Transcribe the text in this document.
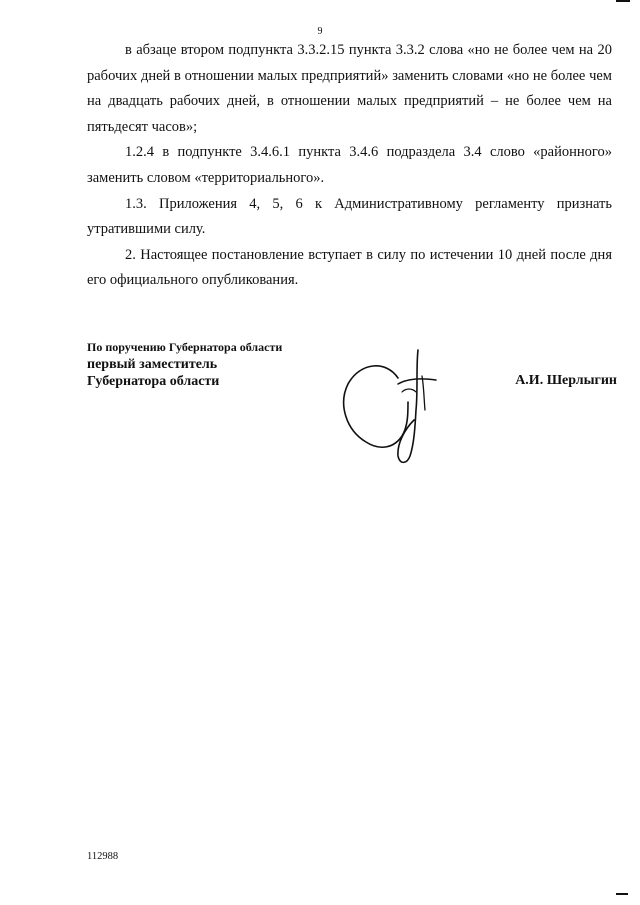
9

в абзаце втором подпункта 3.3.2.15 пункта 3.3.2 слова «но не более чем на 20 рабочих дней в отношении малых предприятий» заменить словами «но не более чем на двадцать рабочих дней, в отношении малых предприятий – не более чем на пятьдесят часов»;

1.2.4 в подпункте 3.4.6.1 пункта 3.4.6 подраздела 3.4 слово «районного» заменить словом «территориального».

1.3. Приложения 4, 5, 6 к Административному регламенту признать утратившими силу.

2. Настоящее постановление вступает в силу по истечении 10 дней после дня его официального опубликования.

По поручению Губернатора области
первый заместитель
Губернатора области	А.И. Шерлыгин
112988
